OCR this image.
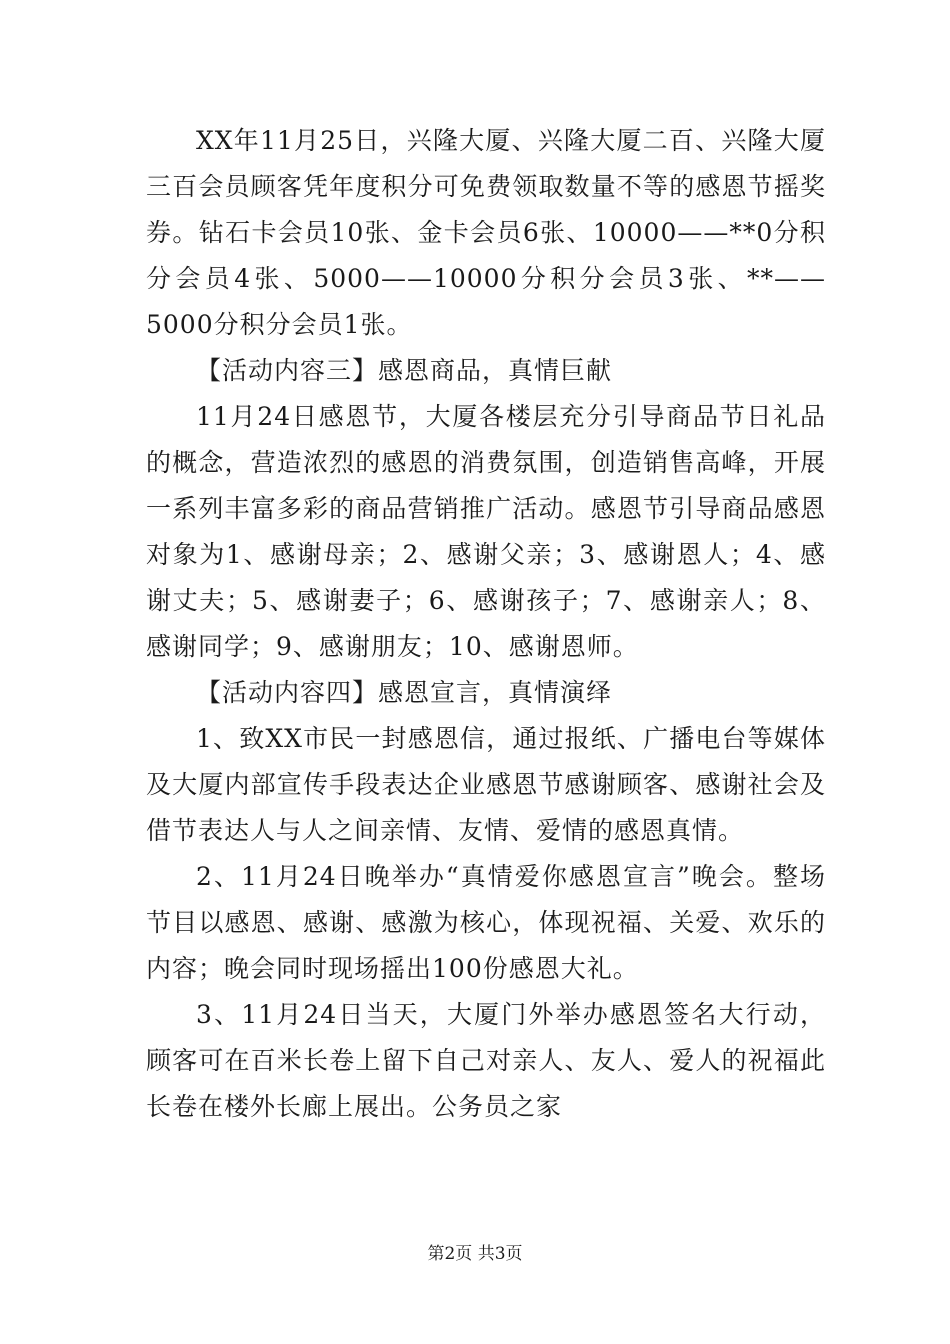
XX年11月25日，兴隆大厦、兴隆大厦二百、兴隆大厦三百会员顾客凭年度积分可免费领取数量不等的感恩节摇奖券。钻石卡会员10张、金卡会员6张、10000——**0分积分会员4张、5000——10000分积分会员3张、**——5000分积分会员1张。

【活动内容三】感恩商品，真情巨献

11月24日感恩节，大厦各楼层充分引导商品节日礼品的概念，营造浓烈的感恩的消费氛围，创造销售高峰，开展一系列丰富多彩的商品营销推广活动。感恩节引导商品感恩对象为1、感谢母亲；2、感谢父亲；3、感谢恩人；4、感谢丈夫；5、感谢妻子；6、感谢孩子；7、感谢亲人；8、感谢同学；9、感谢朋友；10、感谢恩师。

【活动内容四】感恩宣言，真情演绎

1、致XX市民一封感恩信，通过报纸、广播电台等媒体及大厦内部宣传手段表达企业感恩节感谢顾客、感谢社会及借节表达人与人之间亲情、友情、爱情的感恩真情。

2、11月24日晚举办“真情爱你感恩宣言”晚会。整场节目以感恩、感谢、感激为核心，体现祝福、关爱、欢乐的内容；晚会同时现场摇出100份感恩大礼。

3、11月24日当天，大厦门外举办感恩签名大行动，顾客可在百米长卷上留下自己对亲人、友人、爱人的祝福此长卷在楼外长廊上展出。公务员之家

第2页 共3页
